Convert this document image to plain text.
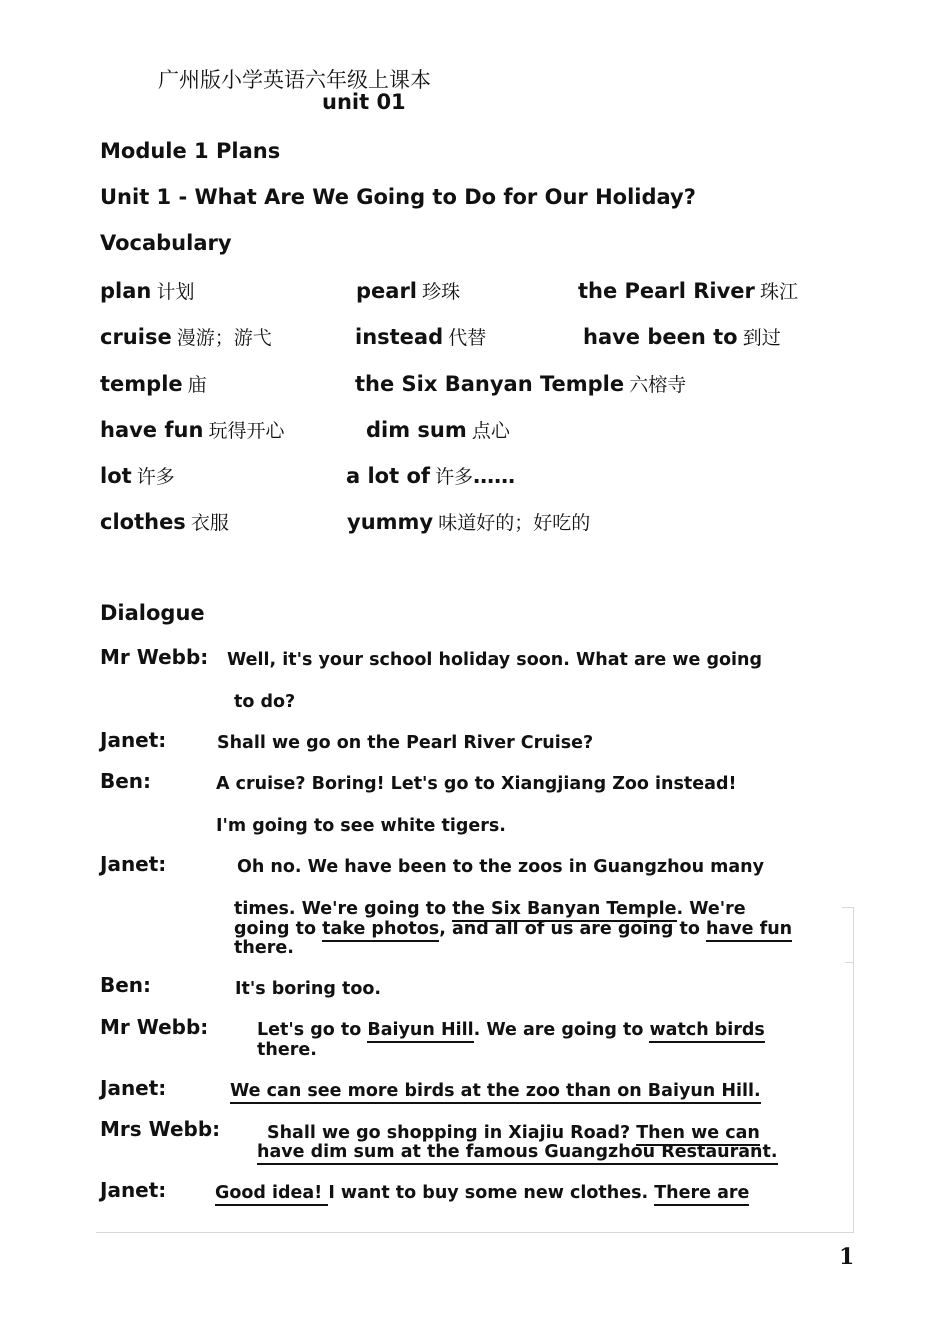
广州版小学英语六年级上课本
unit 01
Module 1 Plans
Unit 1 - What Are We Going to Do for Our Holiday?
Vocabulary
plan 计划	pearl 珍珠	the Pearl River 珠江
cruise 漫游；游弋	instead 代替	have been to 到过
temple 庙	the Six Banyan Temple 六榕寺
have fun 玩得开心	dim sum 点心
lot 许多	a lot of 许多……
clothes 衣服	yummy 味道好的；好吃的
Dialogue
Mr Webb: Well, it's your school holiday soon. What are we going
to do?
Janet:	Shall we go on the Pearl River Cruise?
Ben:	A cruise? Boring! Let's go to Xiangjiang Zoo instead!
I'm going to see white tigers.
Janet:	Oh no. We have been to the zoos in Guangzhou many
times. We're going to the Six Banyan Temple. We're
going to take photos, and all of us are going to have fun
there.
Ben:	It's boring too.
Mr Webb:	Let's go to Baiyun Hill. We are going to watch birds
there.
Janet:	We can see more birds at the zoo than on Baiyun Hill.
Mrs Webb:	Shall we go shopping in Xiajiu Road? Then we can
have dim sum at the famous Guangzhou Restaurant.
Janet:	Good idea! I want to buy some new clothes. There are
1
